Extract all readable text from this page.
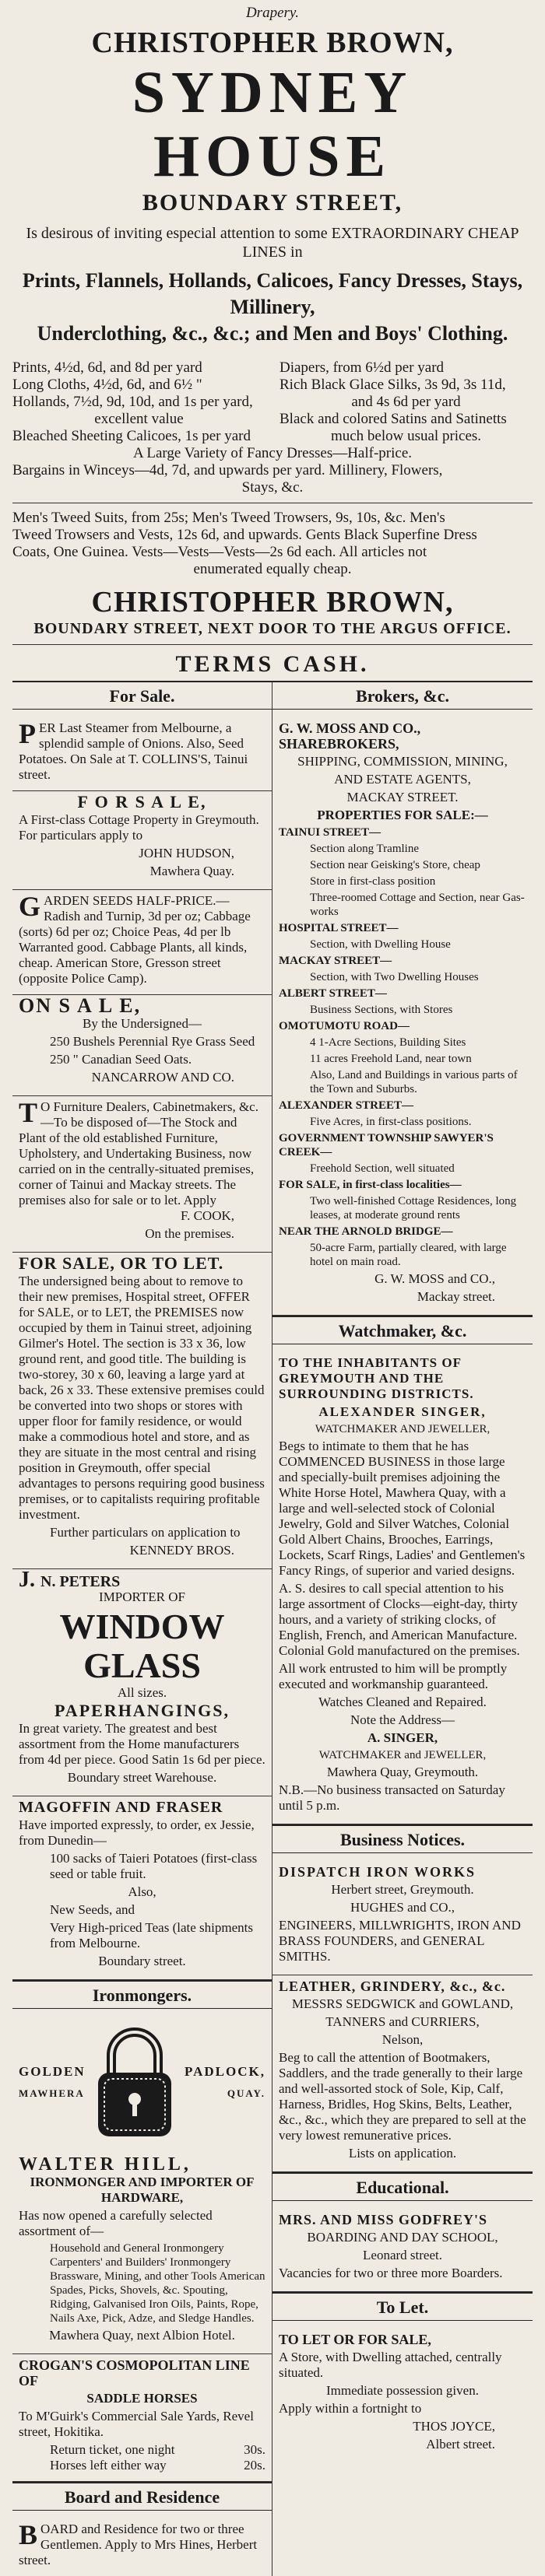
Drapery.
CHRISTOPHER BROWN,
SYDNEY HOUSE
BOUNDARY STREET,
Is desirous of inviting especial attention to some EXTRAORDINARY CHEAP
LINES in
Prints, Flannels, Hollands, Calicoes, Fancy Dresses, Stays, Millinery,
Underclothing, &c., &c.; and Men and Boys' Clothing.
Prints, 4½d, 6d, and 8d per yard
Long Cloths, 4½d, 6d, and 6½ "
Hollands, 7½d, 9d, 10d, and 1s per yard,
excellent value
Bleached Sheeting Calicoes, 1s per yard
Diapers, from 6½d per yard
Rich Black Glace Silks, 3s 9d, 3s 11d,
and 4s 6d per yard
Black and colored Satins and Satinetts
much below usual prices.
A Large Variety of Fancy Dresses—Half-price.
Bargains in Winceys—4d, 7d, and upwards per yard. Millinery, Flowers,
Stays, &c.
Men's Tweed Suits, from 25s; Men's Tweed Trowsers, 9s, 10s, &c. Men's
Tweed Trowsers and Vests, 12s 6d, and upwards. Gents Black Superfine Dress
Coats, One Guinea. Vests—Vests—Vests—2s 6d each. All articles not
enumerated equally cheap.
CHRISTOPHER BROWN,
BOUNDARY STREET, NEXT DOOR TO THE ARGUS OFFICE.
TERMS CASH.
For Sale.
P ER Last Steamer from Melbourne, a splendid sample of Onions. Also, Seed Potatoes. On Sale at T. COLLINS'S, Tainui street.

F O R S A L E,

A First-class Cottage Property in Greymouth. For particulars apply to

JOHN HUDSON,

Mawhera Quay.

G ARDEN SEEDS HALF-PRICE.—Radish and Turnip, 3d per oz; Cabbage (sorts) 6d per oz; Choice Peas, 4d per lb Warranted good. Cabbage Plants, all kinds, cheap. American Store, Gresson street (opposite Police Camp).

ON S A L E,

By the Undersigned—

250 Bushels Perennial Rye Grass Seed

250 " Canadian Seed Oats.

NANCARROW AND CO.

T O Furniture Dealers, Cabinetmakers, &c.—To be disposed of—The Stock and Plant of the old established Furniture, Upholstery, and Undertaking Business, now carried on in the centrally-situated premises, corner of Tainui and Mackay streets. The premises also for sale or to let. Apply

F. COOK,

On the premises.

FOR SALE, OR TO LET.

The undersigned being about to remove to their new premises, Hospital street, OFFER for SALE, or to LET, the PREMISES now occupied by them in Tainui street, adjoining Gilmer's Hotel. The section is 33 x 36, low ground rent, and good title. The building is two-storey, 30 x 60, leaving a large yard at back, 26 x 33. These extensive premises could be converted into two shops or stores with upper floor for family residence, or would make a commodious hotel and store, and as they are situate in the most central and rising position in Greymouth, offer special advantages to persons requiring good business premises, or to capitalists requiring profitable investment.

Further particulars on application to

KENNEDY BROS.

J. N. PETERS

IMPORTER OF

WINDOW GLASS

All sizes.

PAPERHANGINGS,

In great variety. The greatest and best assortment from the Home manufacturers from 4d per piece. Good Satin 1s 6d per piece.

Boundary street Warehouse.

MAGOFFIN AND FRASER

Have imported expressly, to order, ex Jessie, from Dunedin—

100 sacks of Taieri Potatoes (first-class seed or table fruit.

Also,

New Seeds, and

Very High-priced Teas (late shipments from Melbourne.

Boundary street.

Ironmongers.
GOLDEN
MAWHERA
PADLOCK,
QUAY.

WALTER HILL,

IRONMONGER AND IMPORTER OF HARDWARE,

Has now opened a carefully selected assortment of—

Household and General Ironmongery Carpenters' and Builders' Ironmongery Brassware, Mining, and other Tools American Spades, Picks, Shovels, &c. Spouting, Ridging, Galvanised Iron Oils, Paints, Rope, Nails Axe, Pick, Adze, and Sledge Handles.

Mawhera Quay, next Albion Hotel.

CROGAN'S COSMOPOLITAN LINE OF

SADDLE HORSES

To M'Guirk's Commercial Sale Yards, Revel street, Hokitika.

Return ticket, one night	30s.
Horses left either way	20s.
Board and Residence
B OARD and Residence for two or three Gentlemen. Apply to Mrs Hines, Herbert street.
Brokers, &c.

G. W. MOSS AND CO., SHAREBROKERS,

SHIPPING, COMMISSION, MINING,

AND ESTATE AGENTS,

MACKAY STREET.

PROPERTIES FOR SALE:—

TAINUI STREET—

Section along Tramline

Section near Geisking's Store, cheap

Store in first-class position

Three-roomed Cottage and Section, near Gas-works

HOSPITAL STREET—

Section, with Dwelling House

MACKAY STREET—

Section, with Two Dwelling Houses

ALBERT STREET—

Business Sections, with Stores

OMOTUMOTU ROAD—

4 1-Acre Sections, Building Sites

11 acres Freehold Land, near town

Also, Land and Buildings in various parts of the Town and Suburbs.

ALEXANDER STREET—

Five Acres, in first-class positions.

GOVERNMENT TOWNSHIP SAWYER'S CREEK—

Freehold Section, well situated

FOR SALE, in first-class localities—

Two well-finished Cottage Residences, long leases, at moderate ground rents

NEAR THE ARNOLD BRIDGE—

50-acre Farm, partially cleared, with large hotel on main road.

G. W. MOSS and CO.,

Mackay street.

Watchmaker, &c.

TO THE INHABITANTS OF GREYMOUTH AND THE SURROUNDING DISTRICTS.

ALEXANDER SINGER,

WATCHMAKER AND JEWELLER,

Begs to intimate to them that he has COMMENCED BUSINESS in those large and specially-built premises adjoining the White Horse Hotel, Mawhera Quay, with a large and well-selected stock of Colonial Jewelry, Gold and Silver Watches, Colonial Gold Albert Chains, Brooches, Earrings, Lockets, Scarf Rings, Ladies' and Gentlemen's Fancy Rings, of superior and varied designs.

A. S. desires to call special attention to his large assortment of Clocks—eight-day, thirty hours, and a variety of striking clocks, of English, French, and American Manufacture. Colonial Gold manufactured on the premises.

All work entrusted to him will be promptly executed and workmanship guaranteed.

Watches Cleaned and Repaired.

Note the Address—

A. SINGER,

WATCHMAKER and JEWELLER,

Mawhera Quay, Greymouth.

N.B.—No business transacted on Saturday until 5 p.m.

Business Notices.

DISPATCH IRON WORKS

Herbert street, Greymouth.

HUGHES and CO.,

ENGINEERS, MILLWRIGHTS, IRON AND BRASS FOUNDERS, and GENERAL SMITHS.

LEATHER, GRINDERY, &c., &c.

MESSRS SEDGWICK and GOWLAND,

TANNERS and CURRIERS,

Nelson,

Beg to call the attention of Bootmakers, Saddlers, and the trade generally to their large and well-assorted stock of Sole, Kip, Calf, Harness, Bridles, Hog Skins, Belts, Leather, &c., &c., which they are prepared to sell at the very lowest remunerative prices.

Lists on application.

Educational.

MRS. AND MISS GODFREY'S

BOARDING AND DAY SCHOOL,

Leonard street.

Vacancies for two or three more Boarders.

To Let.

TO LET OR FOR SALE,

A Store, with Dwelling attached, centrally situated.

Immediate possession given.

Apply within a fortnight to

THOS JOYCE,

Albert street.
